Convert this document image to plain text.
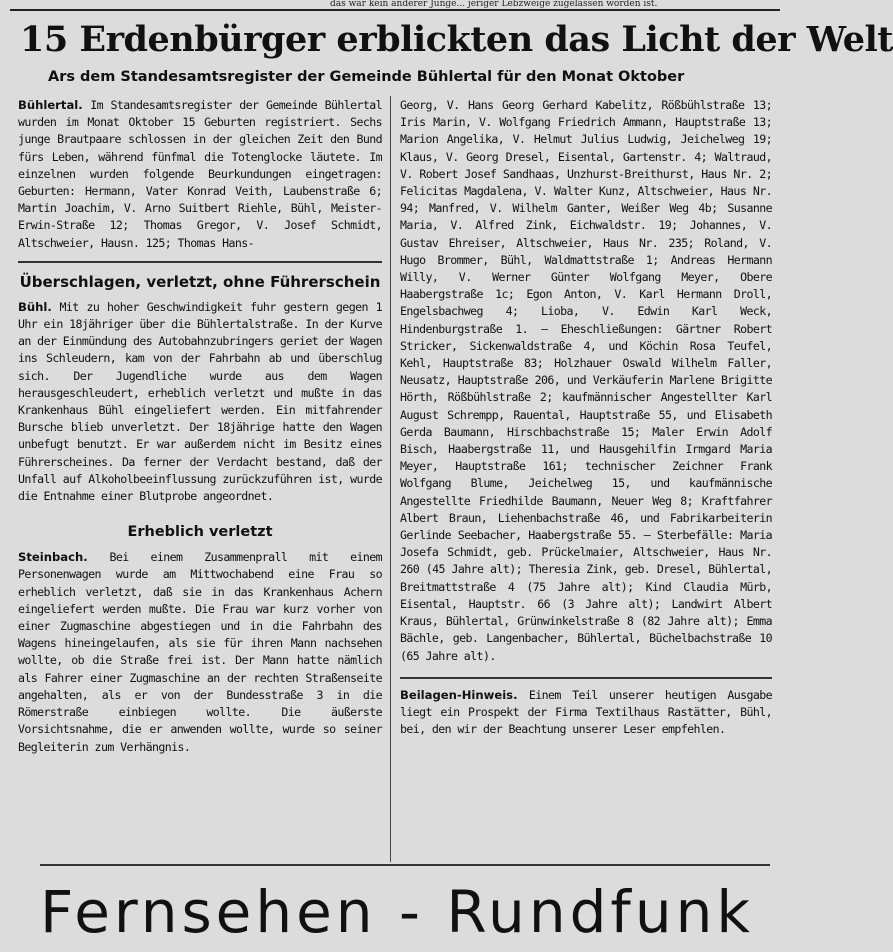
das war kein anderer Junge... jeriger Lebzweige zugelassen worden ist.
15 Erdenbürger erblickten das Licht der Welt
Ars dem Standesamtsregister der Gemeinde Bühlertal für den Monat Oktober

Bühlertal. Im Standesamtsregister der Gemeinde Bühlertal wurden im Monat Oktober 15 Geburten registriert. Sechs junge Brautpaare schlossen in der gleichen Zeit den Bund fürs Leben, während fünfmal die Totenglocke läutete. Im einzelnen wurden folgende Beurkundungen eingetragen: Geburten: Hermann, Vater Konrad Veith, Laubenstraße 6; Martin Joachim, V. Arno Suitbert Riehle, Bühl, Meister-Erwin-Straße 12; Thomas Gregor, V. Josef Schmidt, Altschweier, Hausn. 125; Thomas Hans-

Überschlagen, verletzt, ohne Führerschein

Bühl. Mit zu hoher Geschwindigkeit fuhr gestern gegen 1 Uhr ein 18jähriger über die Bühlertalstraße. In der Kurve an der Einmündung des Autobahnzubringers geriet der Wagen ins Schleudern, kam von der Fahrbahn ab und überschlug sich. Der Jugendliche wurde aus dem Wagen herausgeschleudert, erheblich verletzt und mußte in das Krankenhaus Bühl eingeliefert werden. Ein mitfahrender Bursche blieb unverletzt. Der 18jährige hatte den Wagen unbefugt benutzt. Er war außerdem nicht im Besitz eines Führerscheines. Da ferner der Verdacht bestand, daß der Unfall auf Alkoholbeeinflussung zurückzuführen ist, wurde die Entnahme einer Blutprobe angeordnet.

Erheblich verletzt

Steinbach. Bei einem Zusammenprall mit einem Personenwagen wurde am Mittwochabend eine Frau so erheblich verletzt, daß sie in das Krankenhaus Achern eingeliefert werden mußte. Die Frau war kurz vorher von einer Zugmaschine abgestiegen und in die Fahrbahn des Wagens hineingelaufen, als sie für ihren Mann nachsehen wollte, ob die Straße frei ist. Der Mann hatte nämlich als Fahrer einer Zugmaschine an der rechten Straßenseite angehalten, als er von der Bundesstraße 3 in die Römerstraße einbiegen wollte. Die äußerste Vorsichtsnahme, die er anwenden wollte, wurde so seiner Begleiterin zum Verhängnis.

Georg, V. Hans Georg Gerhard Kabelitz, Rößbühlstraße 13; Iris Marin, V. Wolfgang Friedrich Ammann, Hauptstraße 13; Marion Angelika, V. Helmut Julius Ludwig, Jeichelweg 19; Klaus, V. Georg Dresel, Eisental, Gartenstr. 4; Waltraud, V. Robert Josef Sandhaas, Unzhurst-Breithurst, Haus Nr. 2; Felicitas Magdalena, V. Walter Kunz, Altschweier, Haus Nr. 94; Manfred, V. Wilhelm Ganter, Weißer Weg 4b; Susanne Maria, V. Alfred Zink, Eichwaldstr. 19; Johannes, V. Gustav Ehreiser, Altschweier, Haus Nr. 235; Roland, V. Hugo Brommer, Bühl, Waldmattstraße 1; Andreas Hermann Willy, V. Werner Günter Wolfgang Meyer, Obere Haabergstraße 1c; Egon Anton, V. Karl Hermann Droll, Engelsbachweg 4; Lioba, V. Edwin Karl Weck, Hindenburgstraße 1. — Eheschließungen: Gärtner Robert Stricker, Sickenwaldstraße 4, und Köchin Rosa Teufel, Kehl, Hauptstraße 83; Holzhauer Oswald Wilhelm Faller, Neusatz, Hauptstraße 206, und Verkäuferin Marlene Brigitte Hörth, Rößbühlstraße 2; kaufmännischer Angestellter Karl August Schrempp, Rauental, Hauptstraße 55, und Elisabeth Gerda Baumann, Hirschbachstraße 15; Maler Erwin Adolf Bisch, Haabergstraße 11, und Hausgehilfin Irmgard Maria Meyer, Hauptstraße 161; technischer Zeichner Frank Wolfgang Blume, Jeichelweg 15, und kaufmännische Angestellte Friedhilde Baumann, Neuer Weg 8; Kraftfahrer Albert Braun, Liehenbachstraße 46, und Fabrikarbeiterin Gerlinde Seebacher, Haabergstraße 55. — Sterbefälle: Maria Josefa Schmidt, geb. Prückelmaier, Altschweier, Haus Nr. 260 (45 Jahre alt); Theresia Zink, geb. Dresel, Bühlertal, Breitmattstraße 4 (75 Jahre alt); Kind Claudia Mürb, Eisental, Hauptstr. 66 (3 Jahre alt); Landwirt Albert Kraus, Bühlertal, Grünwinkelstraße 8 (82 Jahre alt); Emma Bächle, geb. Langenbacher, Bühlertal, Büchelbachstraße 10 (65 Jahre alt).

Beilagen-Hinweis. Einem Teil unserer heutigen Ausgabe liegt ein Prospekt der Firma Textilhaus Rastätter, Bühl, bei, den wir der Beachtung unserer Leser empfehlen.

Fernsehen - Rundfunk
